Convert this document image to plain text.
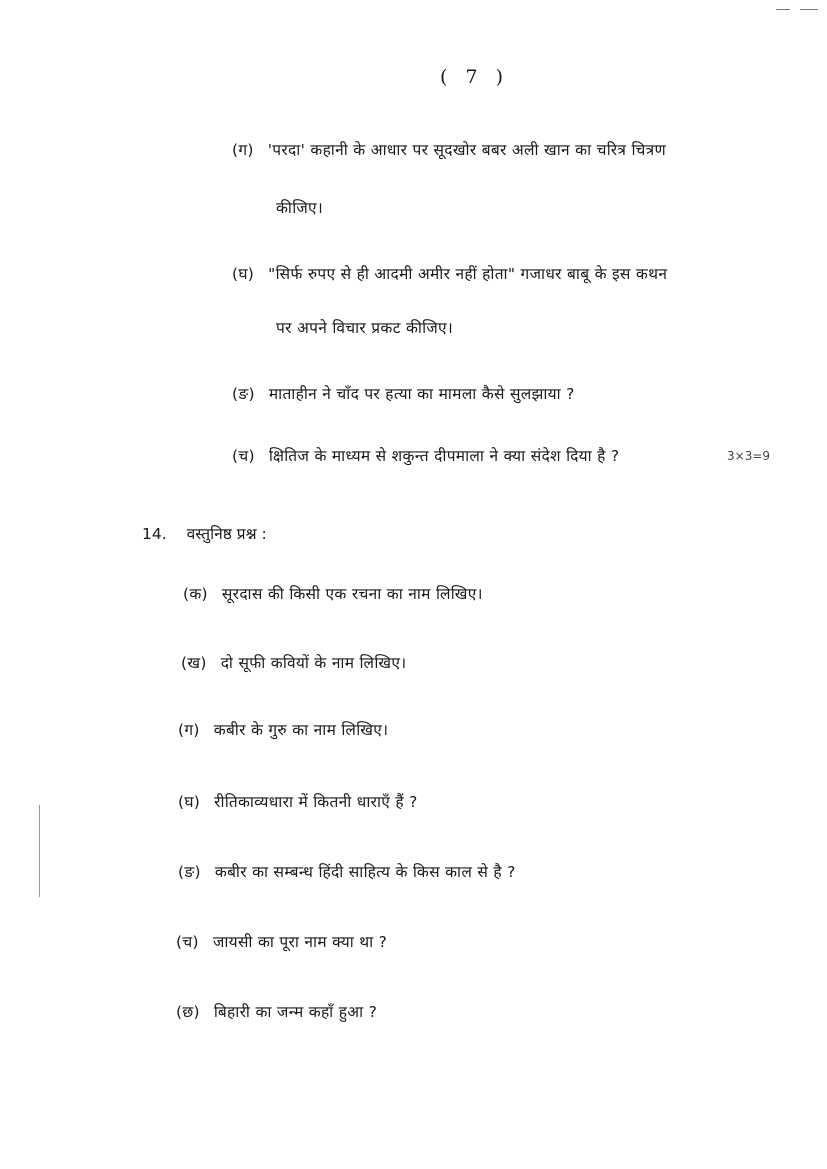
( 7 )
(ग) 'परदा' कहानी के आधार पर सूदखोर बबर अली खान का चरित्र चित्रण
कीजिए।
(घ) "सिर्फ रुपए से ही आदमी अमीर नहीं होता" गजाधर बाबू के इस कथन
पर अपने विचार प्रकट कीजिए।
(ङ) माताहीन ने चाँद पर हत्या का मामला कैसे सुलझाया ?
(च) क्षितिज के माध्यम से शकुन्त दीपमाला ने क्या संदेश दिया है ?	3×3=9
14. वस्तुनिष्ठ प्रश्न :
(क) सूरदास की किसी एक रचना का नाम लिखिए।
(ख) दो सूफी कवियों के नाम लिखिए।
(ग) कबीर के गुरु का नाम लिखिए।
(घ) रीतिकाव्यधारा में कितनी धाराएँ हैं ?
(ङ) कबीर का सम्बन्ध हिंदी साहित्य के किस काल से है ?
(च) जायसी का पूरा नाम क्या था ?
(छ) बिहारी का जन्म कहाँ हुआ ?
